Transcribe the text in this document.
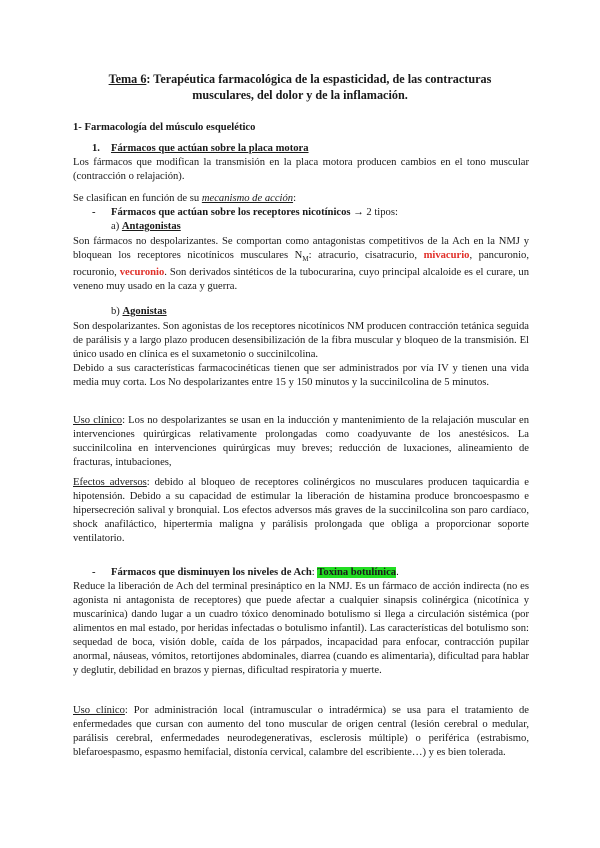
Tema 6: Terapéutica farmacológica de la espasticidad, de las contracturas
musculares, del dolor y de la inflamación.
1- Farmacología del músculo esquelético
1. Fármacos que actúan sobre la placa motora

Los fármacos que modifican la transmisión en la placa motora producen cambios en el tono muscular (contracción o relajación).

Se clasifican en función de su mecanismo de acción:

- Fármacos que actúan sobre los receptores nicotínicos → 2 tipos:
a) Antagonistas

Son fármacos no despolarizantes. Se comportan como antagonistas competitivos de la Ach en la NMJ y bloquean los receptores nicotínicos musculares $N_M$: atracurio, cisatracurio, mivacurio, pancuronio, rocuronio, vecuronio. Son derivados sintéticos de la tubocurarina, cuyo principal alcaloide es el curare, un veneno muy usado en la caza y guerra.

b) Agonistas

Son despolarizantes. Son agonistas de los receptores nicotínicos NM producen contracción tetánica seguida de parálisis y a largo plazo producen desensibilización de la fibra muscular y bloqueo de la transmisión. El único usado en clínica es el suxametonio o succinilcolina.

Debido a sus características farmacocinéticas tienen que ser administrados por vía IV y tienen una vida media muy corta. Los No despolarizantes entre 15 y 150 minutos y la succinilcolina de 5 minutos.

Uso clínico: Los no despolarizantes se usan en la inducción y mantenimiento de la relajación muscular en intervenciones quirúrgicas relativamente prolongadas como coadyuvante de los anestésicos. La succinilcolina en intervenciones quirúrgicas muy breves; reducción de luxaciones, alineamiento de fracturas, intubaciones,

Efectos adversos: debido al bloqueo de receptores colinérgicos no musculares producen taquicardia e hipotensión. Debido a su capacidad de estimular la liberación de histamina produce broncoespasmo e hipersecreción salival y bronquial. Los efectos adversos más graves de la succinilcolina son paro cardíaco, shock anafiláctico, hipertermia maligna y parálisis prolongada que obliga a proporcionar soporte ventilatorio.

- Fármacos que disminuyen los niveles de Ach: Toxina botulínica.

Reduce la liberación de Ach del terminal presináptico en la NMJ. Es un fármaco de acción indirecta (no es agonista ni antagonista de receptores) que puede afectar a cualquier sinapsis colinérgica (nicotínica y muscarínica) dando lugar a un cuadro tóxico denominado botulismo si llega a circulación sistémica (por alimentos en mal estado, por heridas infectadas o botulismo infantil). Las características del botulismo son: sequedad de boca, visión doble, caída de los párpados, incapacidad para enfocar, contracción pupilar anormal, náuseas, vómitos, retortijones abdominales, diarrea (cuando es alimentaria), dificultad para hablar y deglutir, debilidad en brazos y piernas, dificultad respiratoria y muerte.

Uso clínico: Por administración local (intramuscular o intradérmica) se usa para el tratamiento de enfermedades que cursan con aumento del tono muscular de origen central (lesión cerebral o medular, parálisis cerebral, enfermedades neurodegenerativas, esclerosis múltiple) o periférica (estrabismo, blefaroespasmo, espasmo hemifacial, distonía cervical, calambre del escribiente…) y es bien tolerada.
